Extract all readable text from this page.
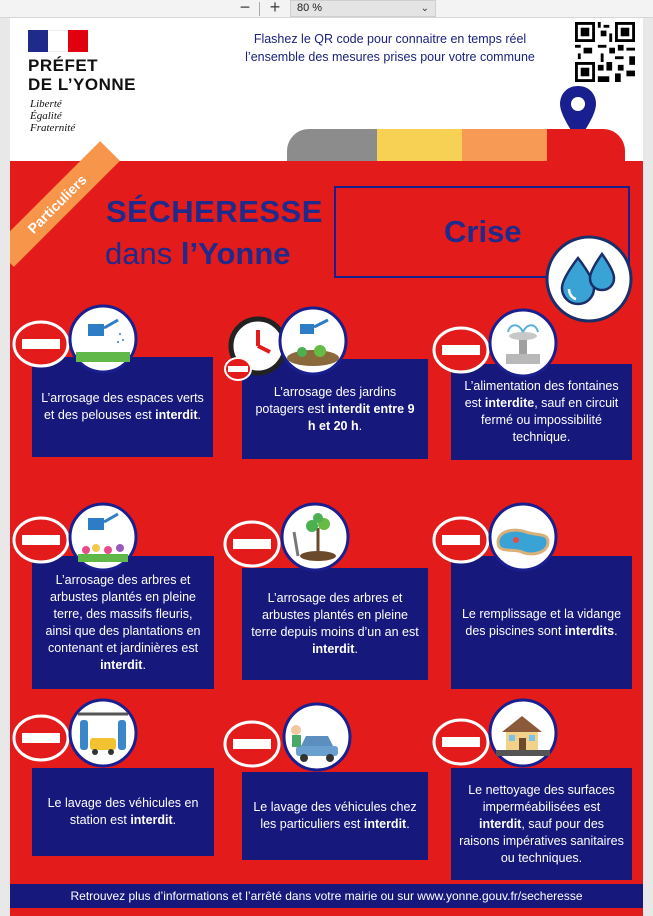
− +	80 %	⌄
PRÉFET
DE L’YONNE
Liberté
Égalité
Fraternité
Flashez le QR code pour connaitre en temps réel
l’ensemble des mesures prises pour votre commune
Particuliers SÉCHERESSE
dans l’Yonne
Crise
L’arrosage des espaces verts et des pelouses est interdit.
L’arrosage des jardins potagers est interdit entre 9 h et 20 h.
L’alimentation des fontaines est interdite, sauf en circuit fermé ou impossibilité technique.
L’arrosage des arbres et arbustes plantés en pleine terre, des massifs fleuris, ainsi que des plantations en contenant et jardinières est interdit.
L’arrosage des arbres et arbustes plantés en pleine terre depuis moins d’un an est interdit.
Le remplissage et la vidange des piscines sont interdits.
Le lavage des véhicules en station est interdit.
Le lavage des véhicules chez les particuliers est interdit.
Le nettoyage des surfaces imperméabilisées est interdit, sauf pour des raisons impératives sanitaires ou techniques.
Retrouvez plus d’informations et l’arrêté dans votre mairie ou sur www.yonne.gouv.fr/secheresse
